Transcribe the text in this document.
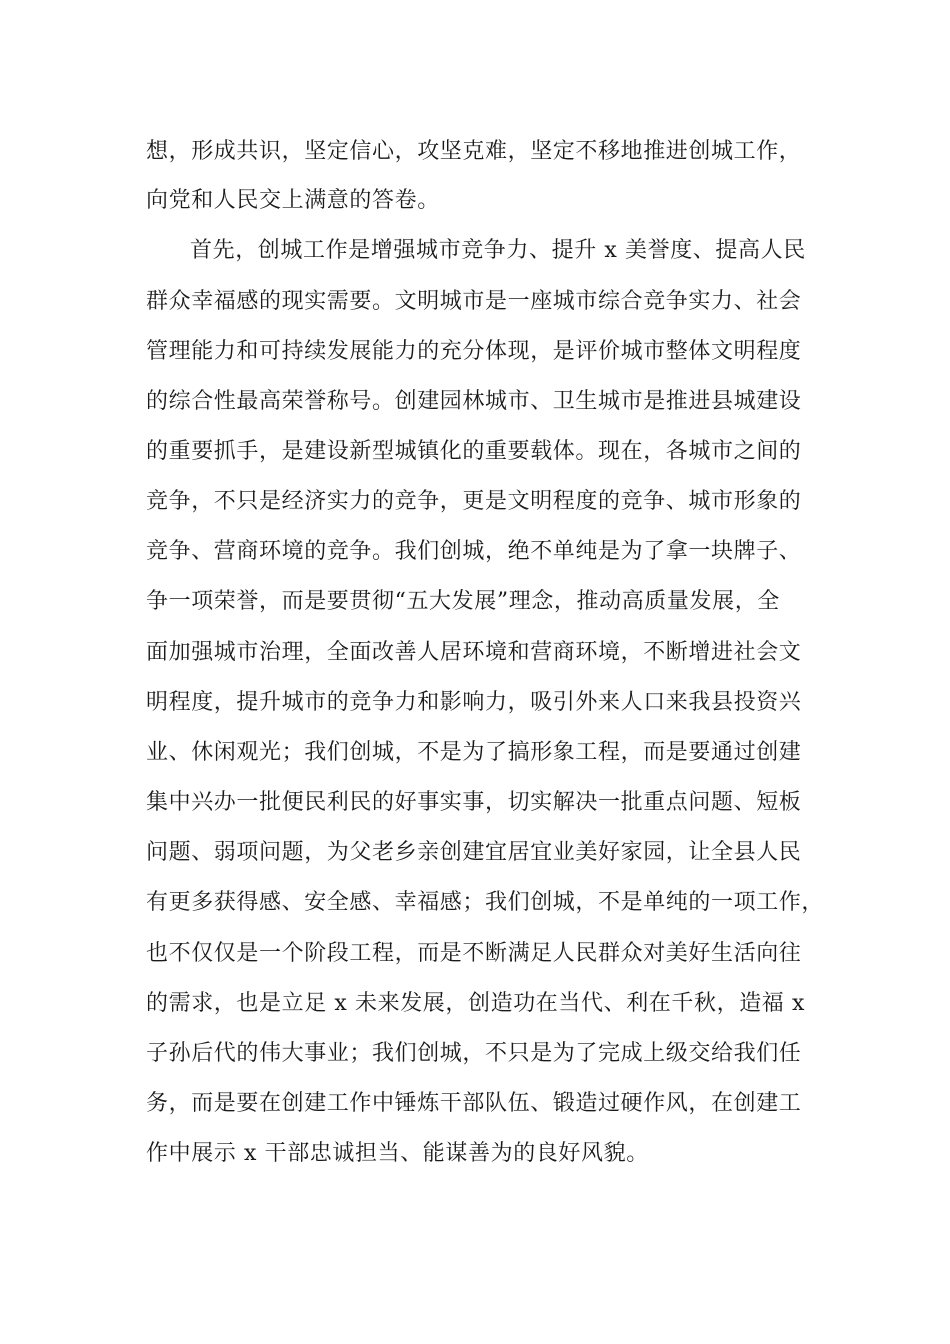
想，形成共识，坚定信心，攻坚克难，坚定不移地推进创城工作，
向党和人民交上满意的答卷。
首先，创城工作是增强城市竞争力、提升 x 美誉度、提高人民
群众幸福感的现实需要。文明城市是一座城市综合竞争实力、社会
管理能力和可持续发展能力的充分体现，是评价城市整体文明程度
的综合性最高荣誉称号。创建园林城市、卫生城市是推进县城建设
的重要抓手，是建设新型城镇化的重要载体。现在，各城市之间的
竞争，不只是经济实力的竞争，更是文明程度的竞争、城市形象的
竞争、营商环境的竞争。我们创城，绝不单纯是为了拿一块牌子、
争一项荣誉，而是要贯彻“五大发展”理念，推动高质量发展，全
面加强城市治理，全面改善人居环境和营商环境，不断增进社会文
明程度，提升城市的竞争力和影响力，吸引外来人口来我县投资兴
业、休闲观光；我们创城，不是为了搞形象工程，而是要通过创建
集中兴办一批便民利民的好事实事，切实解决一批重点问题、短板
问题、弱项问题，为父老乡亲创建宜居宜业美好家园，让全县人民
有更多获得感、安全感、幸福感；我们创城，不是单纯的一项工作，
也不仅仅是一个阶段工程，而是不断满足人民群众对美好生活向往
的需求，也是立足 x 未来发展，创造功在当代、利在千秋，造福 x
子孙后代的伟大事业；我们创城，不只是为了完成上级交给我们任
务，而是要在创建工作中锤炼干部队伍、锻造过硬作风，在创建工
作中展示 x 干部忠诚担当、能谋善为的良好风貌。
